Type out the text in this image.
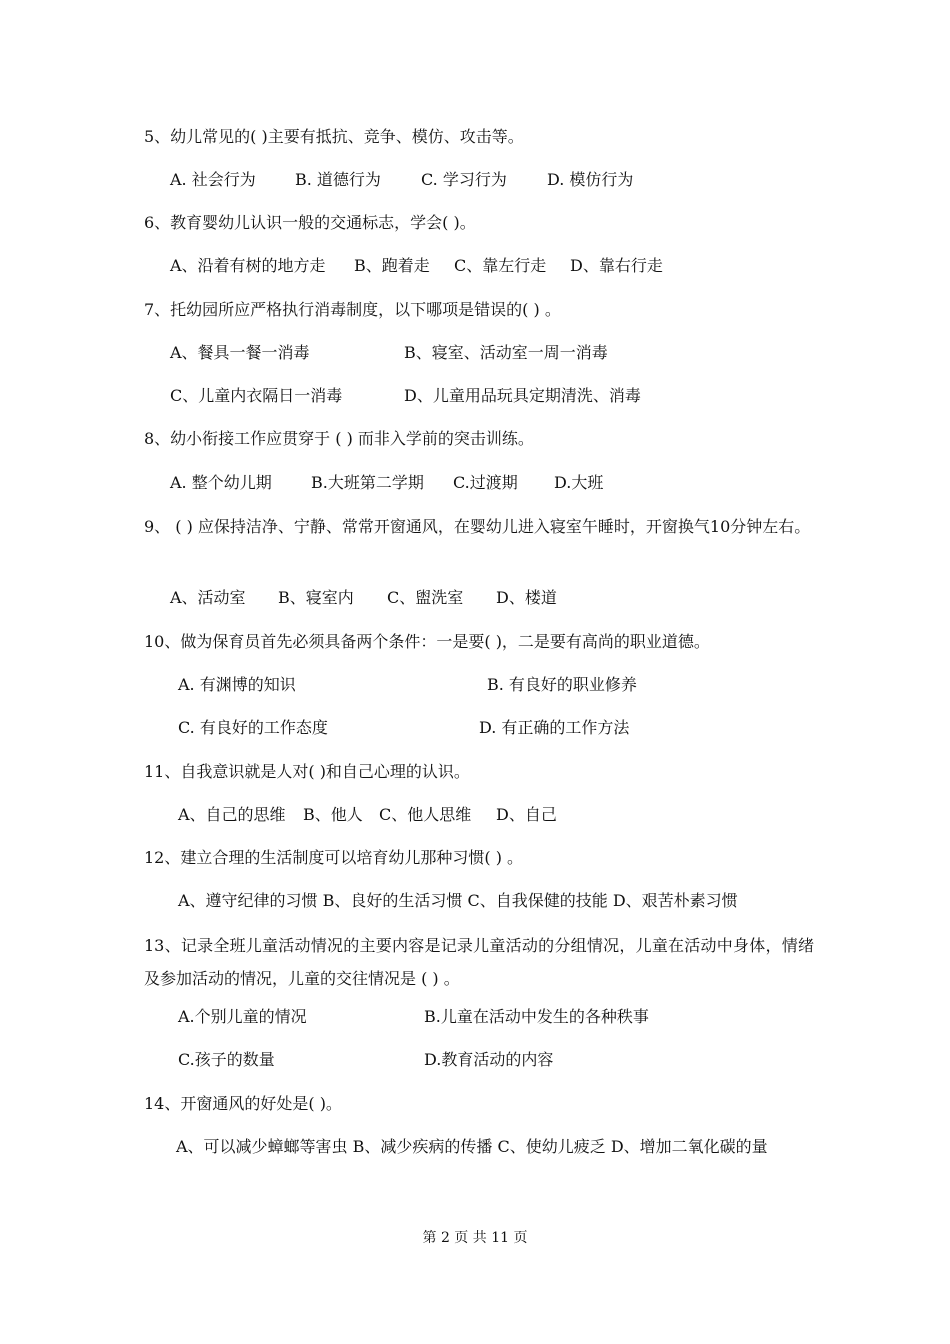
5、幼儿常见的( )主要有抵抗、竞争、模仿、攻击等。
A. 社会行为 B. 道德行为	C. 学习行为	D. 模仿行为
6、教育婴幼儿认识一般的交通标志，学会( )。
A、沿着有树的地方走 B、跑着走 C、靠左行走 D、靠右行走
7、托幼园所应严格执行消毒制度，以下哪项是错误的( ) 。
A、餐具一餐一消毒	B、寝室、活动室一周一消毒
C、儿童内衣隔日一消毒	D、儿童用品玩具定期清洗、消毒
8、幼小衔接工作应贯穿于 ( ) 而非入学前的突击训练。
A. 整个幼儿期 B.大班第二学期 C.过渡期 D.大班
9、 ( ) 应保持洁净、宁静、常常开窗通风，在婴幼儿进入寝室午睡时，开窗换气10分钟左右。
A、活动室 B、寝室内 C、盥洗室 D、楼道
10、做为保育员首先必须具备两个条件：一是要( )，二是要有高尚的职业道德。
A. 有渊博的知识	B. 有良好的职业修养
C. 有良好的工作态度	D. 有正确的工作方法
11、自我意识就是人对( )和自己心理的认识。
A、自己的思维 B、他人 C、他人思维 D、自己
12、建立合理的生活制度可以培育幼儿那种习惯( ) 。
A、遵守纪律的习惯 B、良好的生活习惯 C、自我保健的技能 D、艰苦朴素习惯
13、记录全班儿童活动情况的主要内容是记录儿童活动的分组情况，儿童在活动中身体，情绪及参加活动的情况，儿童的交往情况是 ( ) 。
A.个别儿童的情况	B.儿童在活动中发生的各种秩事
C.孩子的数量	D.教育活动的内容
14、开窗通风的好处是( )。
A、可以减少蟑螂等害虫 B、减少疾病的传播 C、使幼儿疲乏 D、增加二氧化碳的量
第 2 页 共 11 页
